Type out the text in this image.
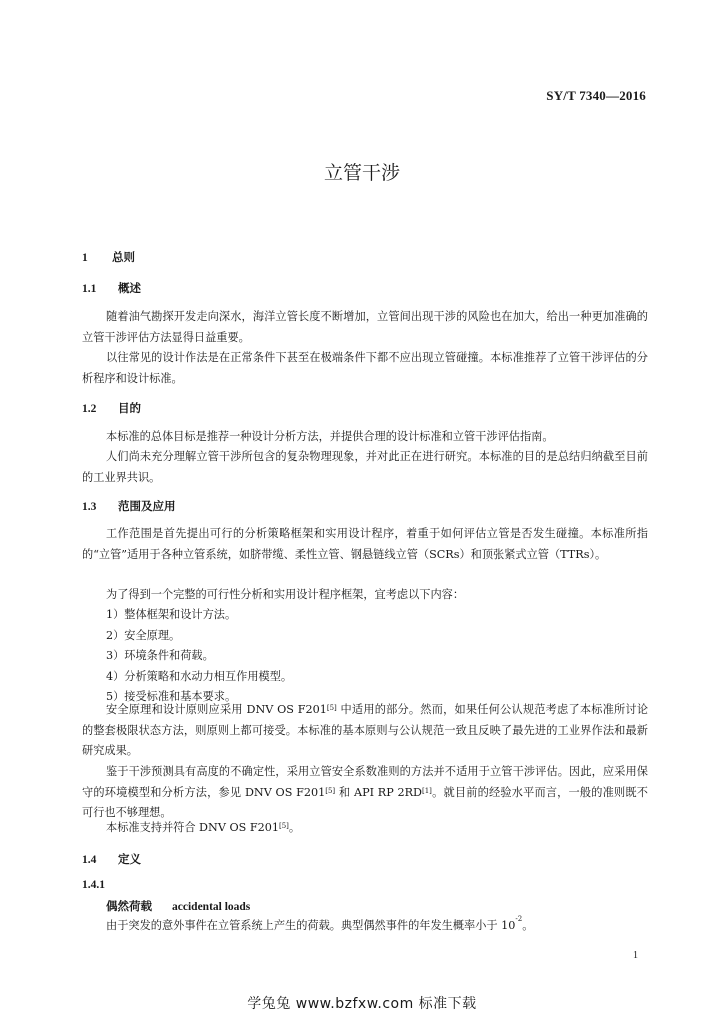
SY/T 7340—2016
立管干涉
1 总则
1.1 概述

随着油气勘探开发走向深水，海洋立管长度不断增加，立管间出现干涉的风险也在加大，给出一种更加准确的立管干涉评估方法显得日益重要。

以往常见的设计作法是在正常条件下甚至在极端条件下都不应出现立管碰撞。本标准推荐了立管干涉评估的分析程序和设计标准。

1.2 目的

本标准的总体目标是推荐一种设计分析方法，并提供合理的设计标准和立管干涉评估指南。

人们尚未充分理解立管干涉所包含的复杂物理现象，并对此正在进行研究。本标准的目的是总结归纳截至目前的工业界共识。

1.3 范围及应用

工作范围是首先提出可行的分析策略框架和实用设计程序，着重于如何评估立管是否发生碰撞。本标准所指的“立管”适用于各种立管系统，如脐带缆、柔性立管、钢悬链线立管（SCRs）和顶张紧式立管（TTRs）。

为了得到一个完整的可行性分析和实用设计程序框架，宜考虑以下内容：

1）整体框架和设计方法。
2）安全原理。
3）环境条件和荷载。
4）分析策略和水动力相互作用模型。
5）接受标准和基本要求。

安全原理和设计原则应采用 DNV OS F201[5] 中适用的部分。然而，如果任何公认规范考虑了本标准所讨论的整套极限状态方法，则原则上都可接受。本标准的基本原则与公认规范一致且反映了最先进的工业界作法和最新研究成果。

鉴于干涉预测具有高度的不确定性，采用立管安全系数准则的方法并不适用于立管干涉评估。因此，应采用保守的环境模型和分析方法，参见 DNV OS F201[5] 和 API RP 2RD[1]。就目前的经验水平而言，一般的准则既不可行也不够理想。

本标准支持并符合 DNV OS F201[5]。

1.4 定义
1.4.1
偶然荷载 accidental loads
由于突发的意外事件在立管系统上产生的荷载。典型偶然事件的年发生概率小于 $10^{-2}$。
1
学兔兔 www.bzfxw.com 标准下载
